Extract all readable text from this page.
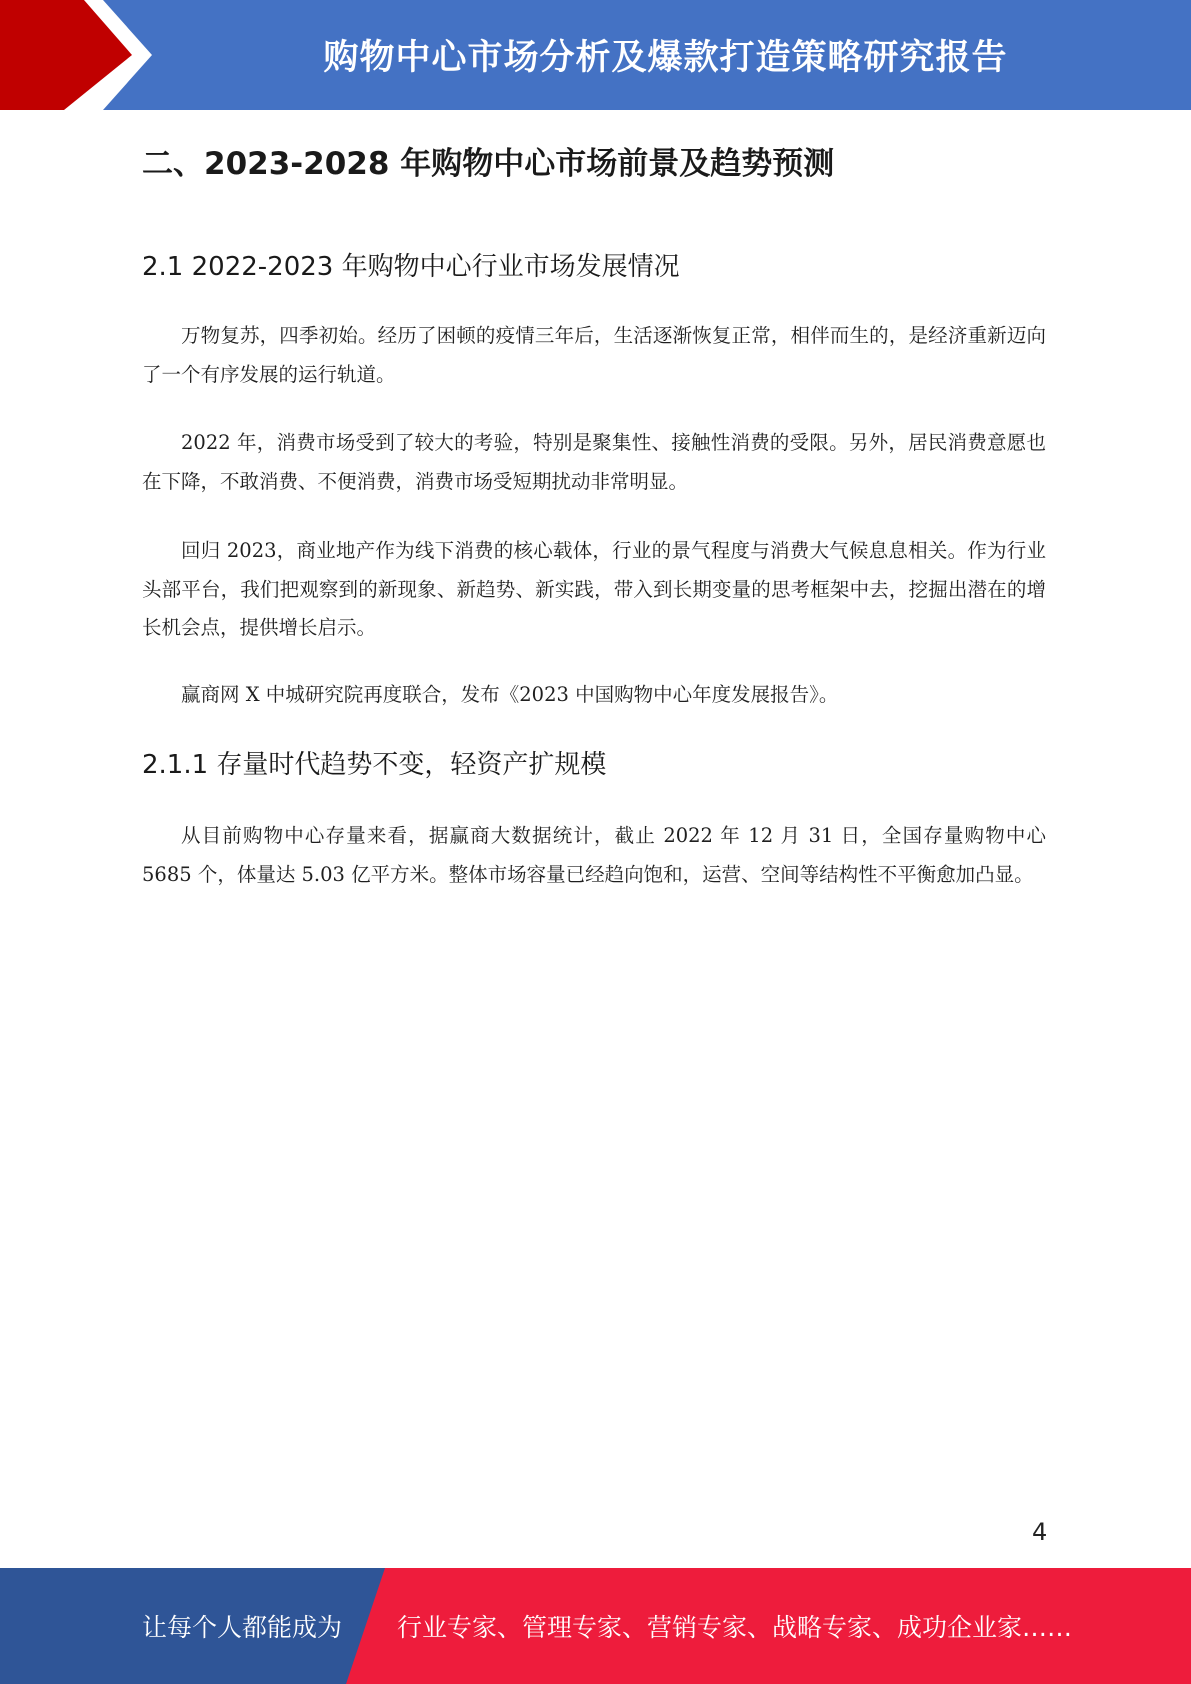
购物中心市场分析及爆款打造策略研究报告
二、2023-2028 年购物中心市场前景及趋势预测
2.1 2022-2023 年购物中心行业市场发展情况

万物复苏，四季初始。经历了困顿的疫情三年后，生活逐渐恢复正常，相伴而生的，是经济重新迈向了一个有序发展的运行轨道。

2022 年，消费市场受到了较大的考验，特别是聚集性、接触性消费的受限。另外，居民消费意愿也在下降，不敢消费、不便消费，消费市场受短期扰动非常明显。

回归 2023，商业地产作为线下消费的核心载体，行业的景气程度与消费大气候息息相关。作为行业头部平台，我们把观察到的新现象、新趋势、新实践，带入到长期变量的思考框架中去，挖掘出潜在的增长机会点，提供增长启示。

赢商网 X 中城研究院再度联合，发布《2023 中国购物中心年度发展报告》。

2.1.1 存量时代趋势不变，轻资产扩规模

从目前购物中心存量来看，据赢商大数据统计，截止 2022 年 12 月 31 日，全国存量购物中心 5685 个，体量达 5.03 亿平方米。整体市场容量已经趋向饱和，运营、空间等结构性不平衡愈加凸显。

4
让每个人都能成为 行业专家、管理专家、营销专家、战略专家、成功企业家……
